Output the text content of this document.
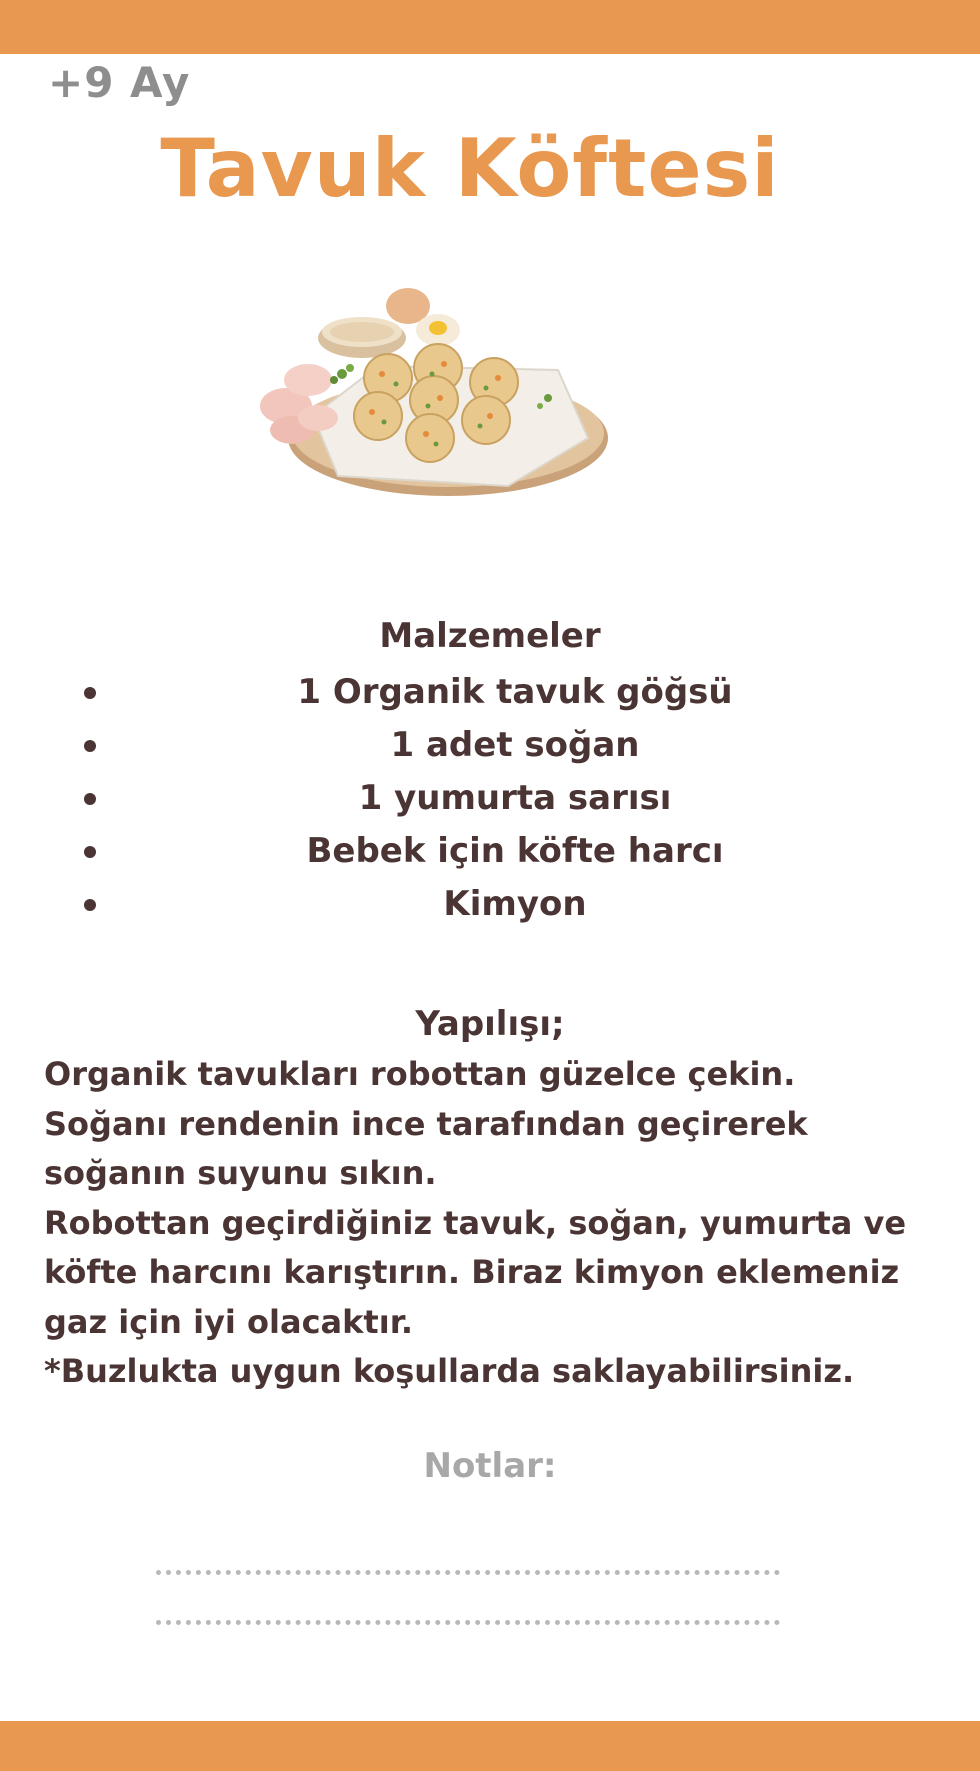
+9 Ay
Tavuk Köftesi
Malzemeler
1 Organik tavuk göğsü
1 adet soğan
1 yumurta sarısı
Bebek için köfte harcı
Kimyon
Yapılışı;
Organik tavukları robottan güzelce çekin.
Soğanı rendenin ince tarafından geçirerek
soğanın suyunu sıkın.
Robottan geçirdiğiniz tavuk, soğan, yumurta ve
köfte harcını karıştırın. Biraz kimyon eklemeniz
gaz için iyi olacaktır.
*Buzlukta uygun koşullarda saklayabilirsiniz.
Notlar:
